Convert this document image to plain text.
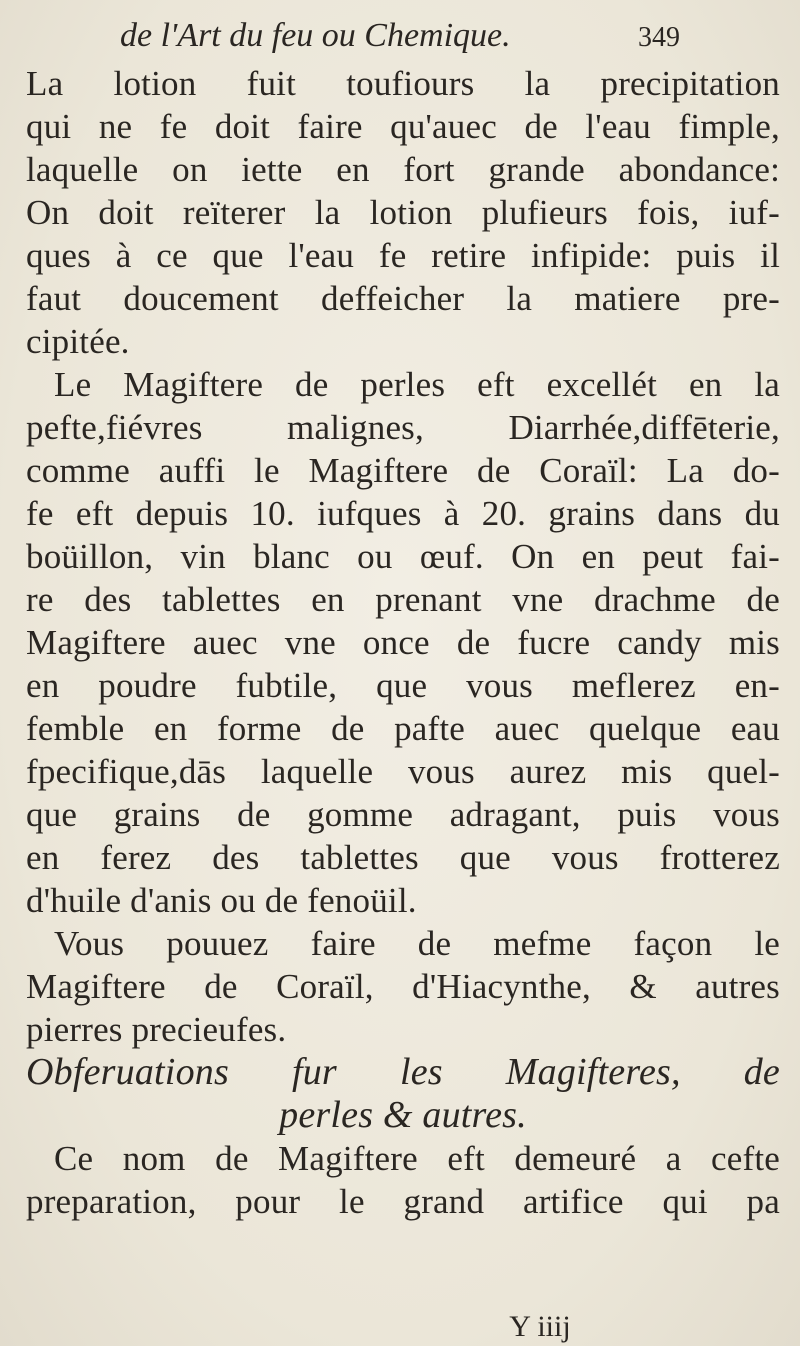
de l'Art du feu ou Chemique.	349
La lotion fuit toufiours la precipitation
qui ne fe doit faire qu'auec de l'eau fimple,
laquelle on iette en fort grande abondance:
On doit reïterer la lotion plufieurs fois, iuf-
ques à ce que l'eau fe retire infipide: puis il
faut doucement deffeicher la matiere pre-
cipitée.
Le Magiftere de perles eft excellét en la
pefte,fiévres malignes, Diarrhée,diffēterie,
comme auffi le Magiftere de Coraïl: La do-
fe eft depuis 10. iufques à 20. grains dans du
boüillon, vin blanc ou œuf. On en peut fai-
re des tablettes en prenant vne drachme de
Magiftere auec vne once de fucre candy mis
en poudre fubtile, que vous meflerez en-
femble en forme de pafte auec quelque eau
fpecifique,dās laquelle vous aurez mis quel-
que grains de gomme adragant, puis vous
en ferez des tablettes que vous frotterez
d'huile d'anis ou de fenoüil.
Vous pouuez faire de mefme façon le
Magiftere de Coraïl, d'Hiacynthe, & autres
pierres precieufes.
Obferuations fur les Magifteres, de
perles & autres.
Ce nom de Magiftere eft demeuré a cefte
preparation, pour le grand artifice qui pa
Y iiij
